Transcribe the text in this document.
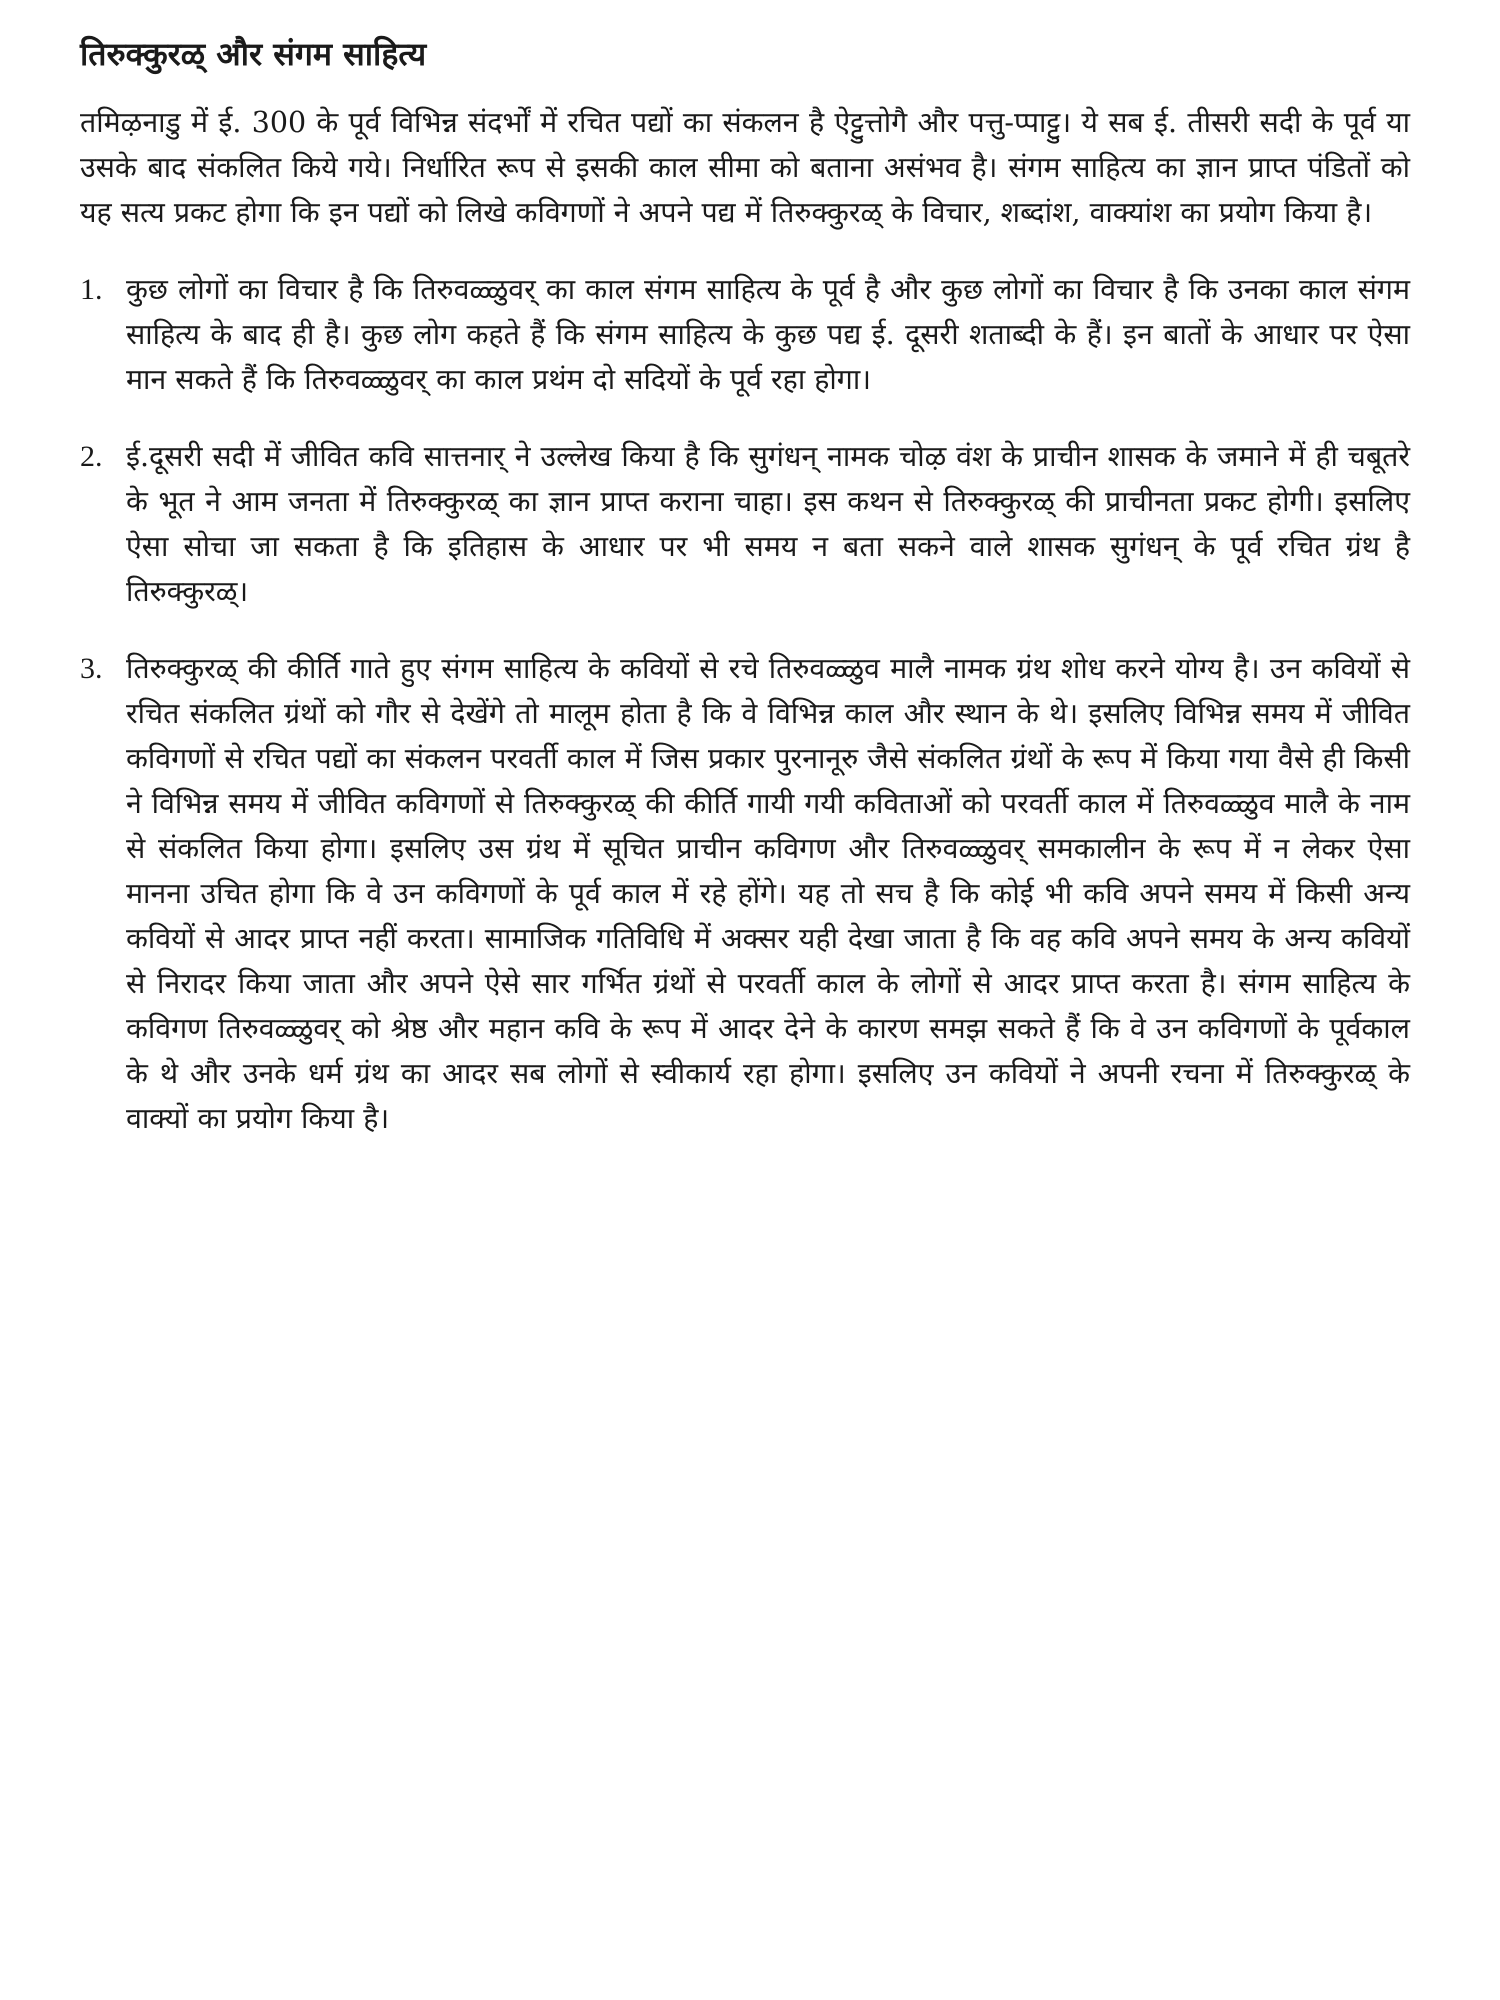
तिरुक्कुरळ् और संगम साहित्य

तमिऴनाडु में ई. 300 के पूर्व विभिन्न संदर्भों में रचित पद्यों का संकलन है ऐट्टुत्तोगै और पत्तु-प्पाट्टु। ये सब ई. तीसरी सदी के पूर्व या उसके बाद संकलित किये गये। निर्धारित रूप से इसकी काल सीमा को बताना असंभव है। संगम साहित्य का ज्ञान प्राप्त पंडितों को यह सत्य प्रकट होगा कि इन पद्यों को लिखे कविगणों ने अपने पद्य में तिरुक्कुरळ् के विचार, शब्दांश, वाक्यांश का प्रयोग किया है।

1. कुछ लोगों का विचार है कि तिरुवळ्ळुवर् का काल संगम साहित्य के पूर्व है और कुछ लोगों का विचार है कि उनका काल संगम साहित्य के बाद ही है। कुछ लोग कहते हैं कि संगम साहित्य के कुछ पद्य ई. दूसरी शताब्दी के हैं। इन बातों के आधार पर ऐसा मान सकते हैं कि तिरुवळ्ळुवर् का काल प्रथंम दो सदियों के पूर्व रहा होगा।

2. ई.दूसरी सदी में जीवित कवि सात्तनार् ने उल्लेख किया है कि सुगंधन् नामक चोऴ वंश के प्राचीन शासक के जमाने में ही चबूतरे के भूत ने आम जनता में तिरुक्कुरळ् का ज्ञान प्राप्त कराना चाहा। इस कथन से तिरुक्कुरळ् की प्राचीनता प्रकट होगी। इसलिए ऐसा सोचा जा सकता है कि इतिहास के आधार पर भी समय न बता सकने वाले शासक सुगंधन् के पूर्व रचित ग्रंथ है तिरुक्कुरळ्।

3. तिरुक्कुरळ् की कीर्ति गाते हुए संगम साहित्य के कवियों से रचे तिरुवळ्ळुव मालै नामक ग्रंथ शोध करने योग्य है। उन कवियों से रचित संकलित ग्रंथों को गौर से देखेंगे तो मालूम होता है कि वे विभिन्न काल और स्थान के थे। इसलिए विभिन्न समय में जीवित कविगणों से रचित पद्यों का संकलन परवर्ती काल में जिस प्रकार पुरनानूरु जैसे संकलित ग्रंथों के रूप में किया गया वैसे ही किसी ने विभिन्न समय में जीवित कविगणों से तिरुक्कुरळ् की कीर्ति गायी गयी कविताओं को परवर्ती काल में तिरुवळ्ळुव मालै के नाम से संकलित किया होगा। इसलिए उस ग्रंथ में सूचित प्राचीन कविगण और तिरुवळ्ळुवर् समकालीन के रूप में न लेकर ऐसा मानना उचित होगा कि वे उन कविगणों के पूर्व काल में रहे होंगे। यह तो सच है कि कोई भी कवि अपने समय में किसी अन्य कवियों से आदर प्राप्त नहीं करता। सामाजिक गतिविधि में अक्सर यही देखा जाता है कि वह कवि अपने समय के अन्य कवियों से निरादर किया जाता और अपने ऐसे सार गर्भित ग्रंथों से परवर्ती काल के लोगों से आदर प्राप्त करता है। संगम साहित्य के कविगण तिरुवळ्ळुवर् को श्रेष्ठ और महान कवि के रूप में आदर देने के कारण समझ सकते हैं कि वे उन कविगणों के पूर्वकाल के थे और उनके धर्म ग्रंथ का आदर सब लोगों से स्वीकार्य रहा होगा। इसलिए उन कवियों ने अपनी रचना में तिरुक्कुरळ् के वाक्यों का प्रयोग किया है।
